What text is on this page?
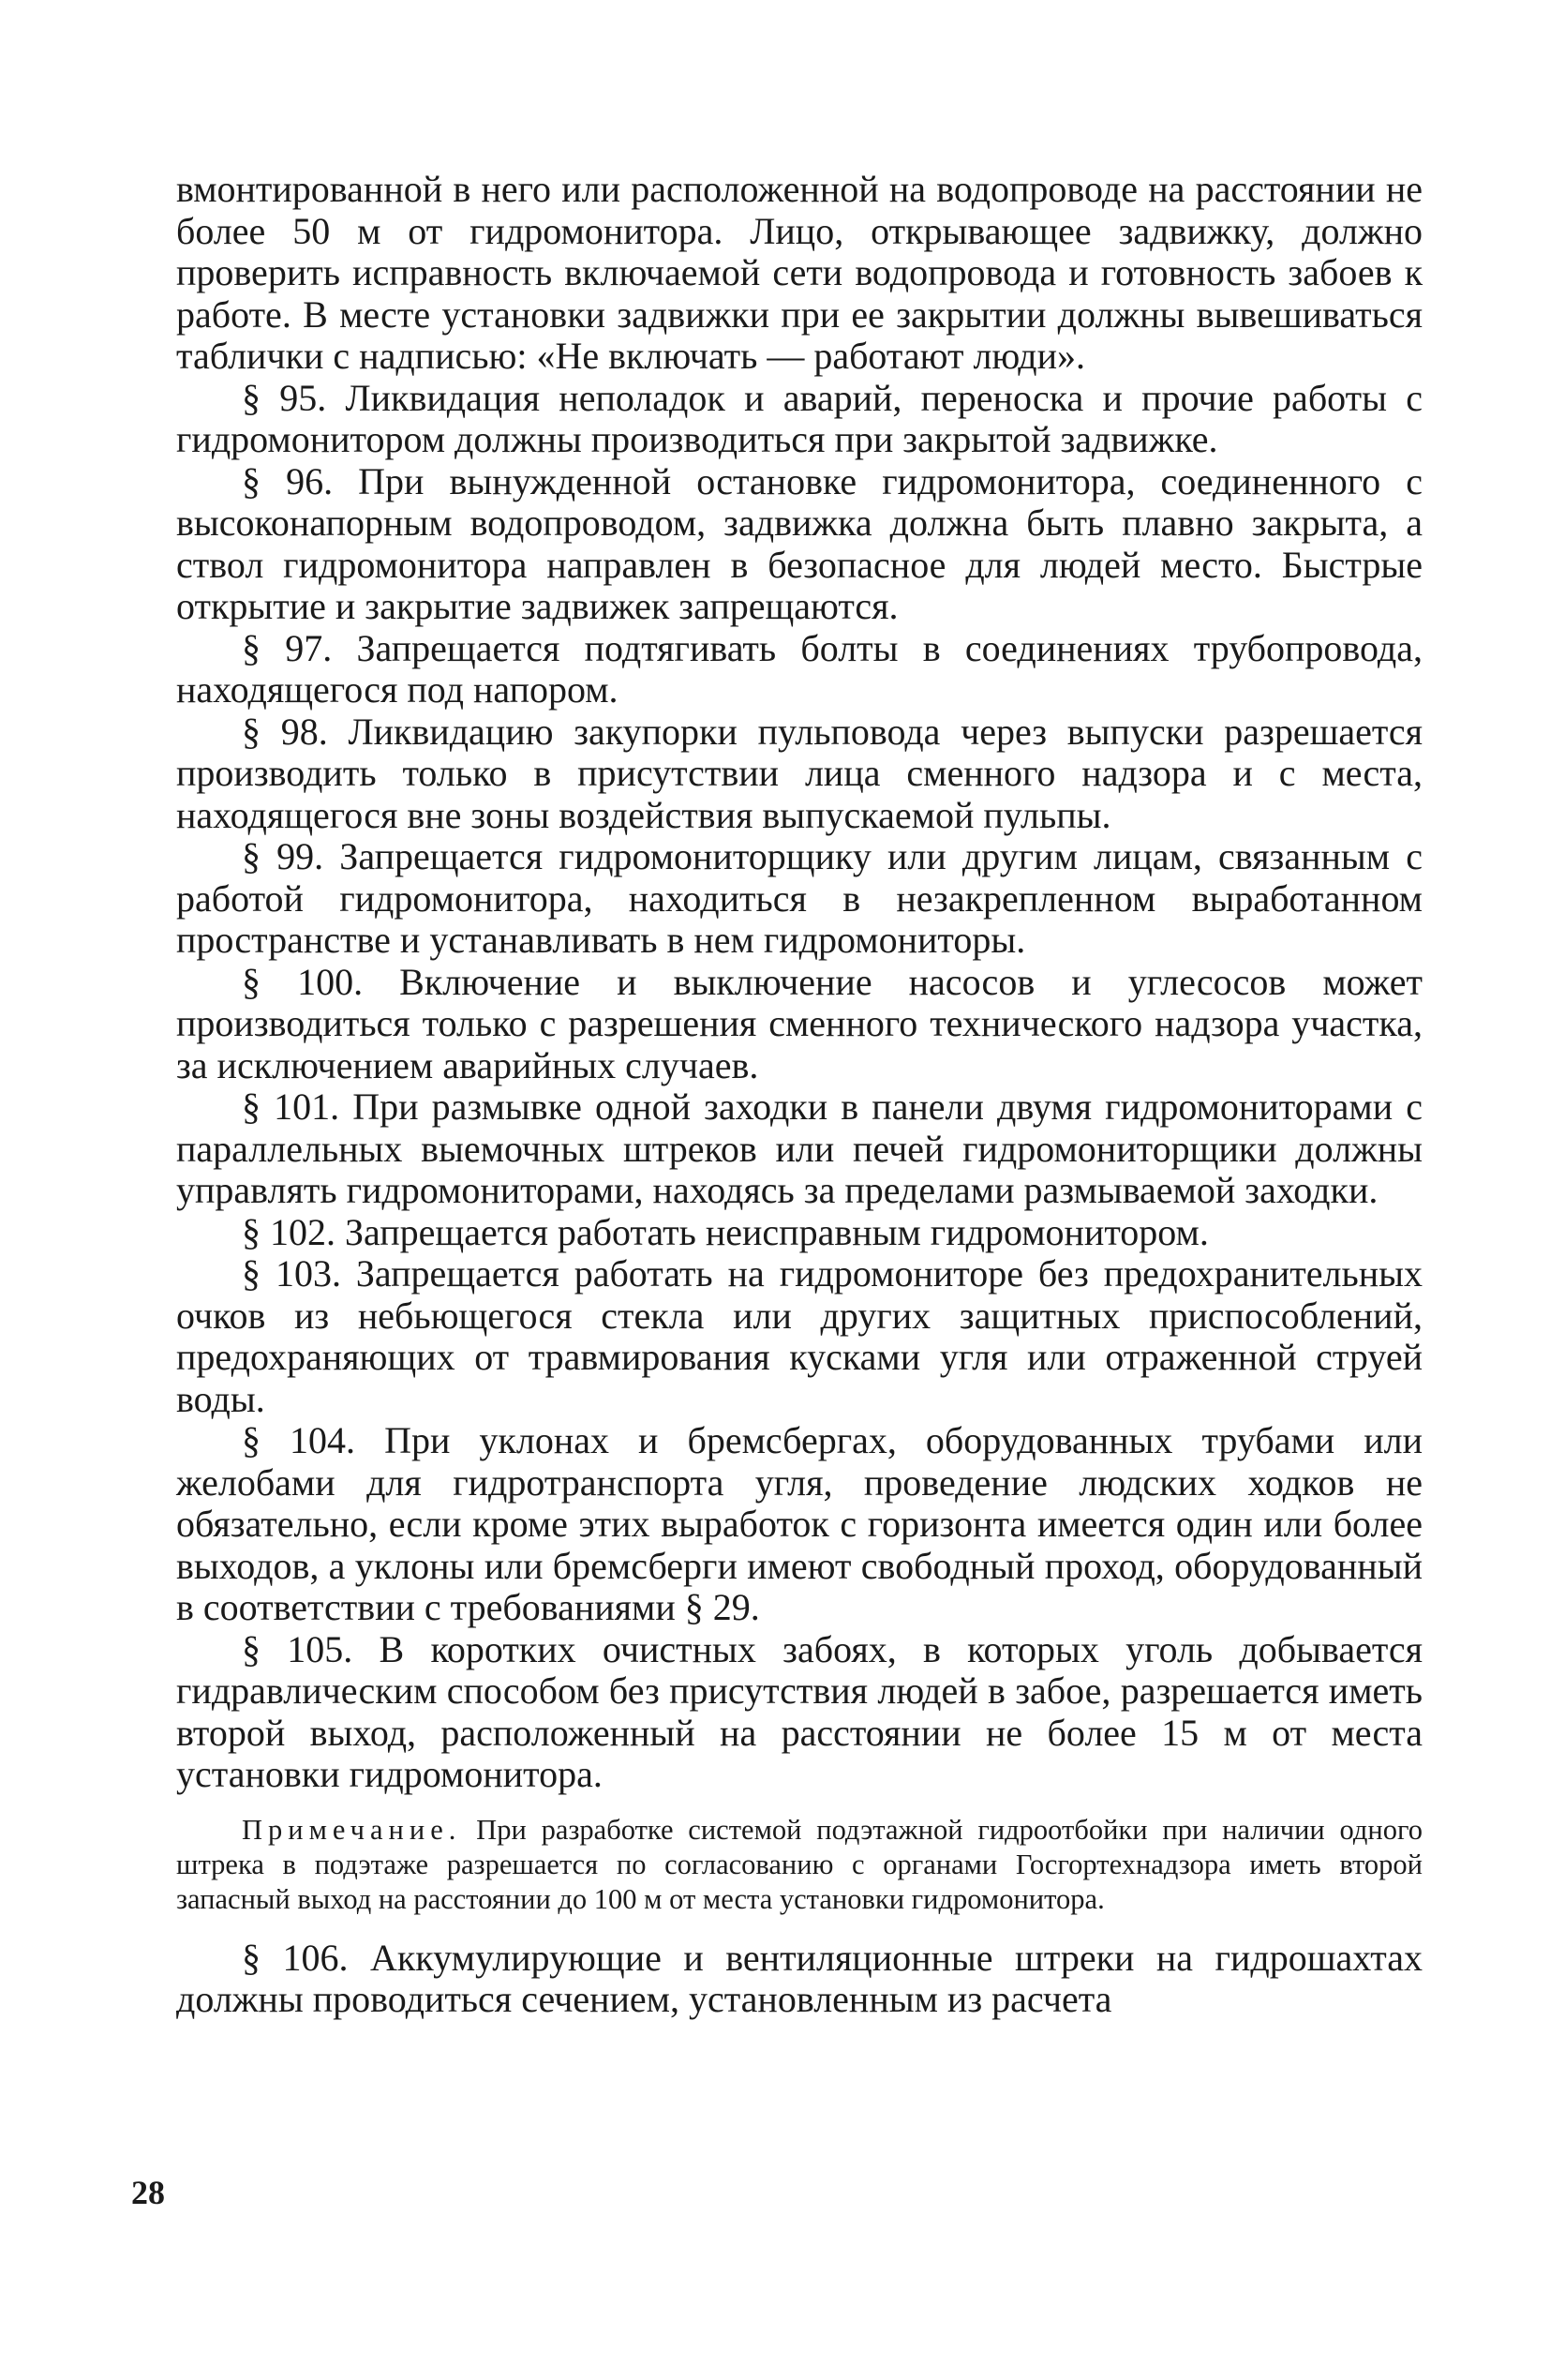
вмонтированной в него или расположенной на водопроводе на расстоянии не более 50 м от гидромонитора. Лицо, открывающее задвижку, должно проверить исправность включаемой сети водопровода и готовность забоев к работе. В месте установки задвижки при ее закрытии должны вывешиваться таблички с надписью: «Не включать — работают люди».

§ 95. Ликвидация неполадок и аварий, переноска и прочие работы с гидромонитором должны производиться при закрытой задвижке.

§ 96. При вынужденной остановке гидромонитора, соединенного с высоконапорным водопроводом, задвижка должна быть плавно закрыта, а ствол гидромонитора направлен в безопасное для людей место. Быстрые открытие и закрытие задвижек запрещаются.

§ 97. Запрещается подтягивать болты в соединениях трубопровода, находящегося под напором.

§ 98. Ликвидацию закупорки пульповода через выпуски разрешается производить только в присутствии лица сменного надзора и с места, находящегося вне зоны воздействия выпускаемой пульпы.

§ 99. Запрещается гидромониторщику или другим лицам, связанным с работой гидромонитора, находиться в незакрепленном выработанном пространстве и устанавливать в нем гидромониторы.

§ 100. Включение и выключение насосов и углесосов может производиться только с разрешения сменного технического надзора участка, за исключением аварийных случаев.

§ 101. При размывке одной заходки в панели двумя гидромониторами с параллельных выемочных штреков или печей гидромониторщики должны управлять гидромониторами, находясь за пределами размываемой заходки.

§ 102. Запрещается работать неисправным гидромонитором.

§ 103. Запрещается работать на гидромониторе без предохранительных очков из небьющегося стекла или других защитных приспособлений, предохраняющих от травмирования кусками угля или отраженной струей воды.

§ 104. При уклонах и бремсбергах, оборудованных трубами или желобами для гидротранспорта угля, проведение людских ходков не обязательно, если кроме этих выработок с горизонта имеется один или более выходов, а уклоны или бремсберги имеют свободный проход, оборудованный в соответствии с требованиями § 29.

§ 105. В коротких очистных забоях, в которых уголь добывается гидравлическим способом без присутствия людей в забое, разрешается иметь второй выход, расположенный на расстоянии не более 15 м от места установки гидромонитора.

Примечание. При разработке системой подэтажной гидроотбойки при наличии одного штрека в подэтаже разрешается по согласованию с органами Госгортехнадзора иметь второй запасный выход на расстоянии до 100 м от места установки гидромонитора.

§ 106. Аккумулирующие и вентиляционные штреки на гидрошахтах должны проводиться сечением, установленным из расчета

28
